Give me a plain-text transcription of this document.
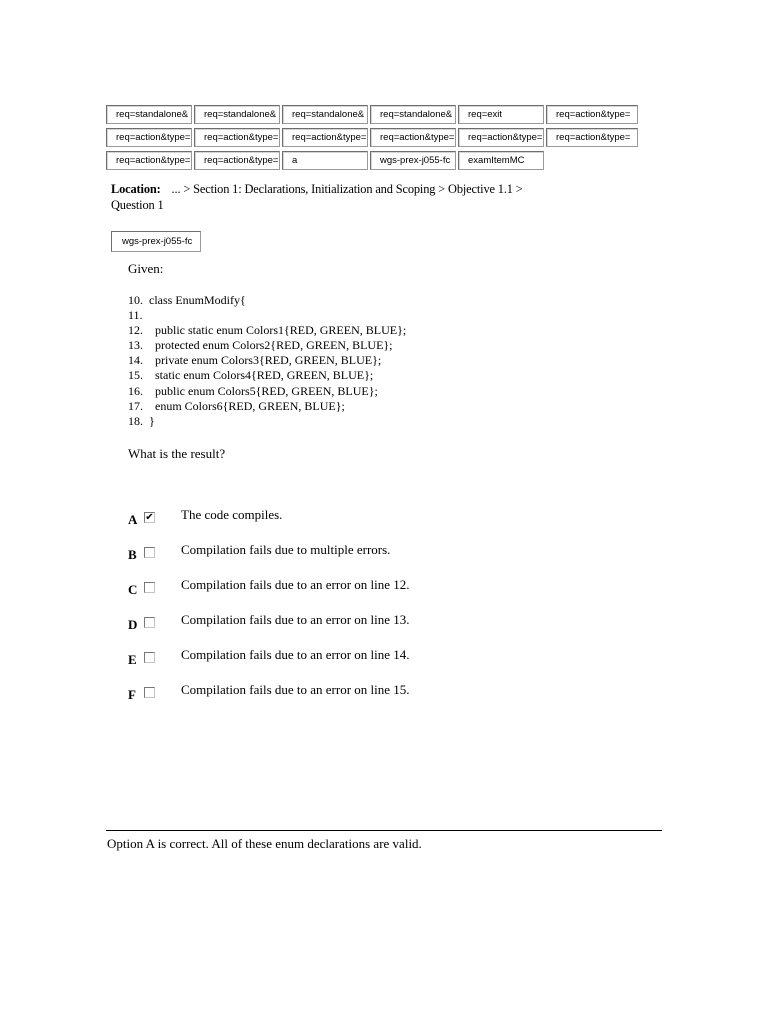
req=standalone&	req=standalone&	req=standalone&	req=standalone&	req=exit	req=action&type=
req=action&type=	req=action&type=	req=action&type=	req=action&type=	req=action&type=	req=action&type=
req=action&type=	req=action&type=	a	wgs-prex-j055-fc	examItemMC
Location: ... > Section 1: Declarations, Initialization and Scoping > Objective 1.1 > Question 1
wgs-prex-j055-fc
Given:
10.  class EnumModify{
11.
12.    public static enum Colors1{RED, GREEN, BLUE};
13.    protected enum Colors2{RED, GREEN, BLUE};
14.    private enum Colors3{RED, GREEN, BLUE};
15.    static enum Colors4{RED, GREEN, BLUE};
16.    public enum Colors5{RED, GREEN, BLUE};
17.    enum Colors6{RED, GREEN, BLUE};
18.  }
What is the result?
A ✔ The code compiles.
B	Compilation fails due to multiple errors.
C	Compilation fails due to an error on line 12.
D	Compilation fails due to an error on line 13.
E	Compilation fails due to an error on line 14.
F	Compilation fails due to an error on line 15.
Option A is correct. All of these enum declarations are valid.
